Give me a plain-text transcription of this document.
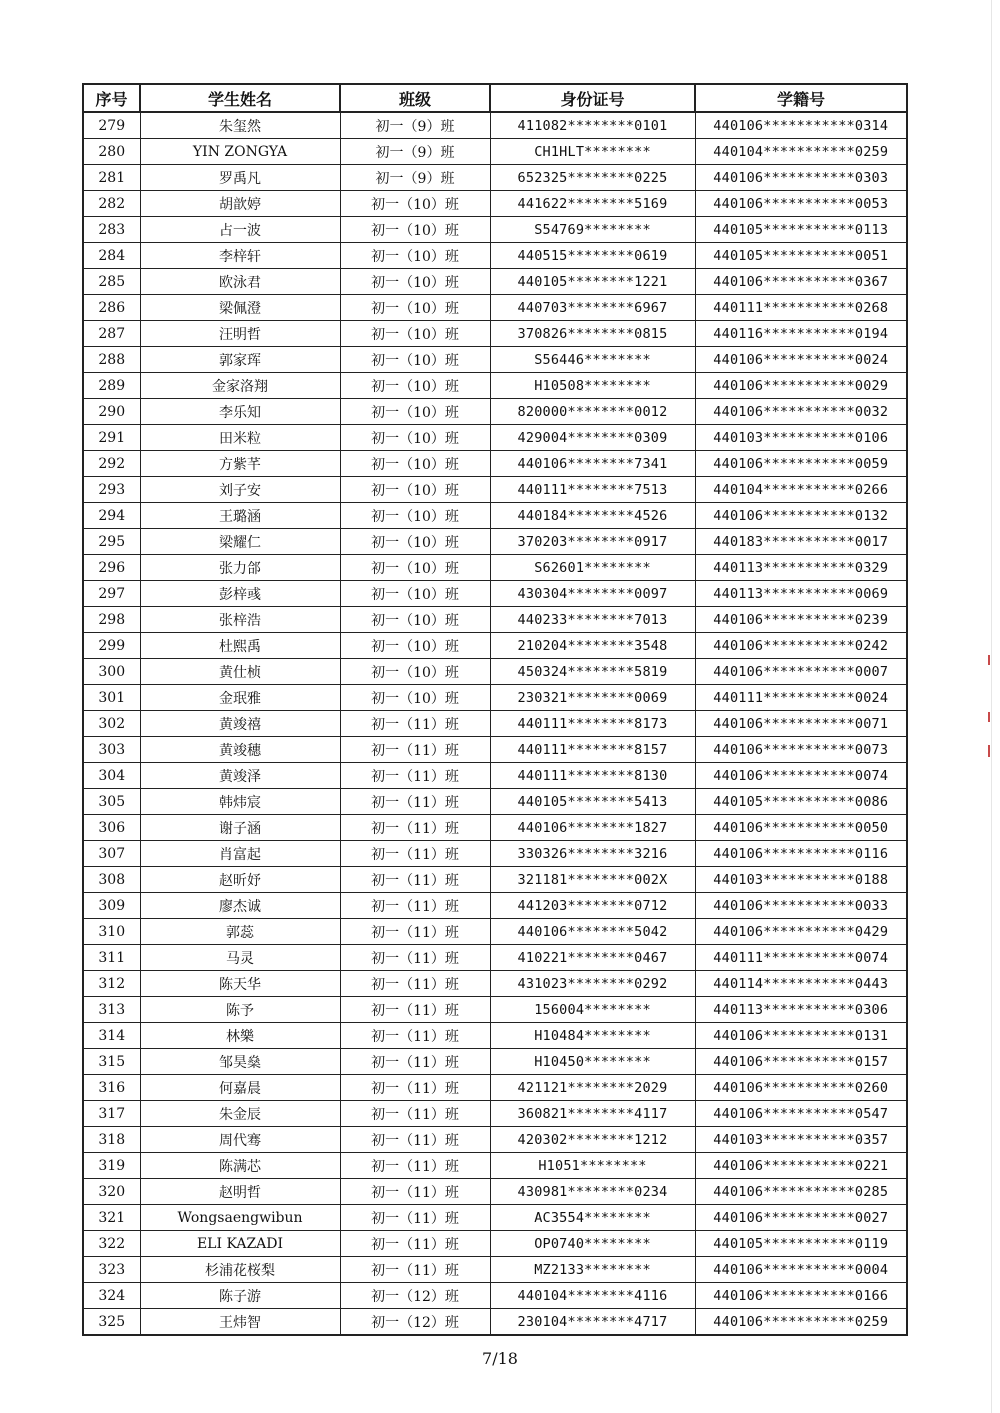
序号	学生姓名	班级	身份证号	学籍号
279	朱玺然	初一（9）班	411082********0101	440106***********0314
280	YIN ZONGYA	初一（9）班	CH1HLT********	440104***********0259
281	罗禹凡	初一（9）班	652325********0225	440106***********0303
282	胡歆婷	初一（10）班	441622********5169	440106***********0053
283	占一波	初一（10）班	S54769********	440105***********0113
284	李梓轩	初一（10）班	440515********0619	440105***********0051
285	欧泳君	初一（10）班	440105********1221	440106***********0367
286	梁佩澄	初一（10）班	440703********6967	440111***********0268
287	汪明哲	初一（10）班	370826********0815	440116***********0194
288	郭家珲	初一（10）班	S56446********	440106***********0024
289	金家洛翔	初一（10）班	H10508********	440106***********0029
290	李乐知	初一（10）班	820000********0012	440106***********0032
291	田米粒	初一（10）班	429004********0309	440103***********0106
292	方紫芊	初一（10）班	440106********7341	440106***********0059
293	刘子安	初一（10）班	440111********7513	440104***********0266
294	王璐涵	初一（10）班	440184********4526	440106***********0132
295	梁耀仁	初一（10）班	370203********0917	440183***********0017
296	张力郃	初一（10）班	S62601********	440113***********0329
297	彭梓彧	初一（10）班	430304********0097	440113***********0069
298	张梓浩	初一（10）班	440233********7013	440106***********0239
299	杜熙禹	初一（10）班	210204********3548	440106***********0242
300	黄仕桢	初一（10）班	450324********5819	440106***********0007
301	金珉雅	初一（10）班	230321********0069	440111***********0024
302	黄竣禧	初一（11）班	440111********8173	440106***********0071
303	黄竣穗	初一（11）班	440111********8157	440106***********0073
304	黄竣泽	初一（11）班	440111********8130	440106***********0074
305	韩炜宸	初一（11）班	440105********5413	440105***********0086
306	谢子涵	初一（11）班	440106********1827	440106***********0050
307	肖富起	初一（11）班	330326********3216	440106***********0116
308	赵昕妤	初一（11）班	321181********002X	440103***********0188
309	廖杰诚	初一（11）班	441203********0712	440106***********0033
310	郭蕊	初一（11）班	440106********5042	440106***********0429
311	马灵	初一（11）班	410221********0467	440111***********0074
312	陈天华	初一（11）班	431023********0292	440114***********0443
313	陈予	初一（11）班	156004********	440113***********0306
314	林樂	初一（11）班	H10484********	440106***********0131
315	邹昊燊	初一（11）班	H10450********	440106***********0157
316	何嘉晨	初一（11）班	421121********2029	440106***********0260
317	朱金辰	初一（11）班	360821********4117	440106***********0547
318	周代骞	初一（11）班	420302********1212	440103***********0357
319	陈满芯	初一（11）班	H1051********	440106***********0221
320	赵明哲	初一（11）班	430981********0234	440106***********0285
321	Wongsaengwibun	初一（11）班	AC3554********	440106***********0027
322	ELI KAZADI	初一（11）班	OP0740********	440105***********0119
323	杉浦花桜梨	初一（11）班	MZ2133********	440106***********0004
324	陈子游	初一（12）班	440104********4116	440106***********0166
325	王炜智	初一（12）班	230104********4717	440106***********0259
7/18
